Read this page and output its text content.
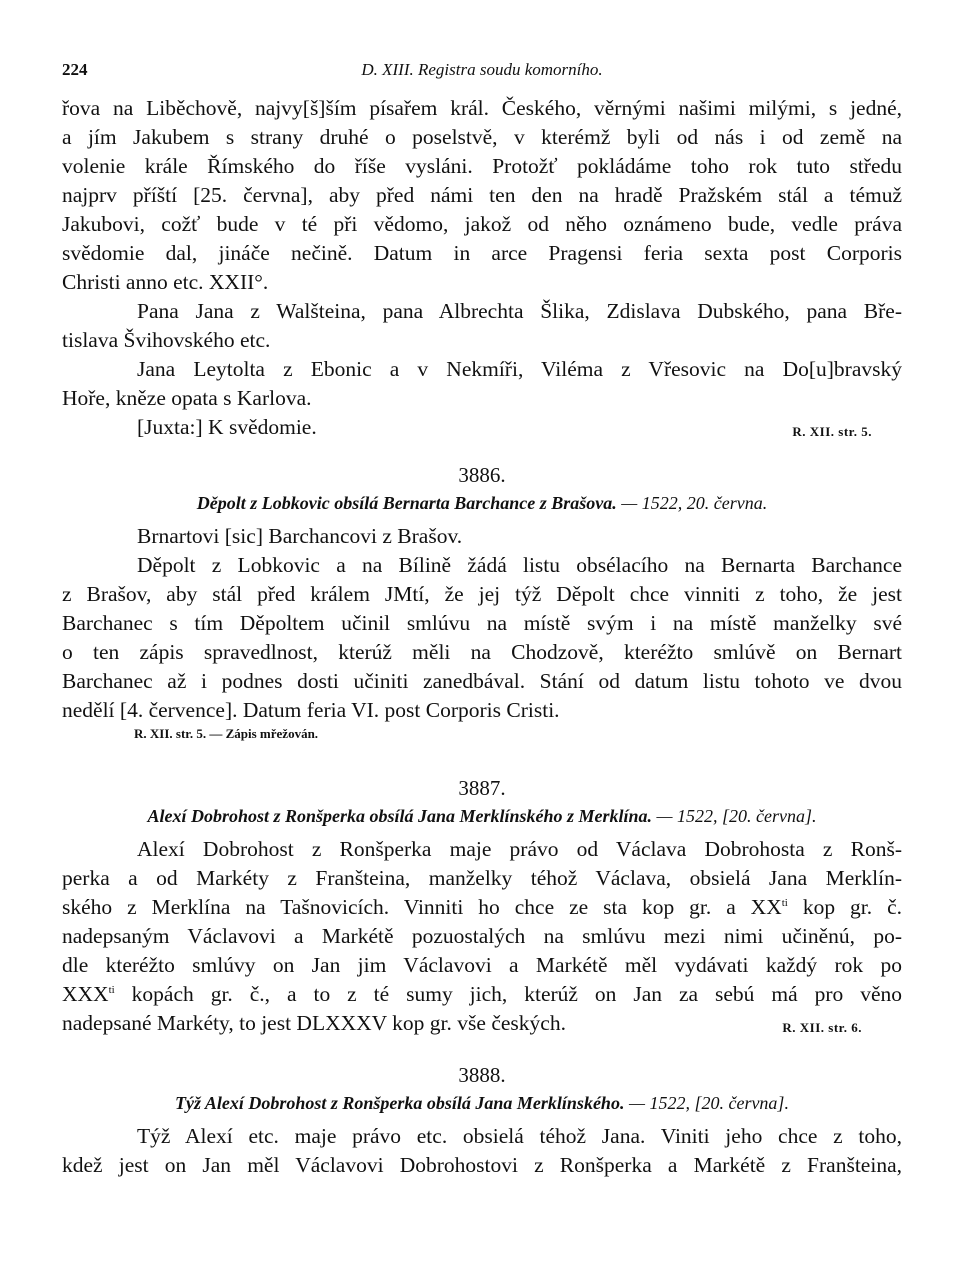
224	D. XIII. Registra soudu komorního.
řova na Liběchově, najvy[š]ším písařem král. Českého, věrnými našimi milými, s jedné,
a jím Jakubem s strany druhé o poselstvě, v kterémž byli od nás i od země na
volenie krále Římského do říše vysláni. Protožť pokládáme toho rok tuto středu
najprv příští [25. června], aby před námi ten den na hradě Pražském stál a témuž
Jakubovi, cožť bude v té při vědomo, jakož od něho oznámeno bude, vedle práva
svědomie dal, jináče nečině. Datum in arce Pragensi feria sexta post Corporis
Christi anno etc. XXII°.
Pana Jana z Walšteina, pana Albrechta Šlika, Zdislava Dubského, pana Bře-
tislava Švihovského etc.
Jana Leytolta z Ebonic a v Nekmíři, Viléma z Vřesovic na Do[u]bravský
Hoře, kněze opata s Karlova.
[Juxta:] K svědomie.	R. XII. str. 5.
3886.
Děpolt z Lobkovic obsílá Bernarta Barchance z Brašova. — 1522, 20. června.
Brnartovi [sic] Barchancovi z Brašov.
Děpolt z Lobkovic a na Bílině žádá listu obsélacího na Bernarta Barchance
z Brašov, aby stál před králem JMtí, že jej týž Děpolt chce vinniti z toho, že jest
Barchanec s tím Děpoltem učinil smlúvu na místě svým i na místě manželky své
o ten zápis spravedlnost, kterúž měli na Chodzově, kteréžto smlúvě on Bernart
Barchanec až i podnes dosti učiniti zanedbával. Stání od datum listu tohoto ve dvou
nedělí [4. července]. Datum feria VI. post Corporis Cristi.
R. XII. str. 5. — Zápis mřežován.
3887.
Alexí Dobrohost z Ronšperka obsílá Jana Merklínského z Merklína. — 1522, [20. června].
Alexí Dobrohost z Ronšperka maje právo od Václava Dobrohosta z Ronš-
perka a od Markéty z Franšteina, manželky téhož Václava, obsielá Jana Merklín-
ského z Merklína na Tašnovicích. Vinniti ho chce ze sta kop gr. a $XX^{ti}$ kop gr. č.
nadepsaným Václavovi a Markétě pozuostalých na smlúvu mezi nimi učiněnú, po-
dle kteréžto smlúvy on Jan jim Václavovi a Markétě měl vydávati každý rok po
$XXX^{ti}$ kopách gr. č., a to z té sumy jich, kterúž on Jan za sebú má pro věno
nadepsané Markéty, to jest DLXXXV kop gr. vše českých.	R. XII. str. 6.
3888.
Týž Alexí Dobrohost z Ronšperka obsílá Jana Merklínského. — 1522, [20. června].
Týž Alexí etc. maje právo etc. obsielá téhož Jana. Viniti jeho chce z toho,
kdež jest on Jan měl Václavovi Dobrohostovi z Ronšperka a Markétě z Franšteina,
